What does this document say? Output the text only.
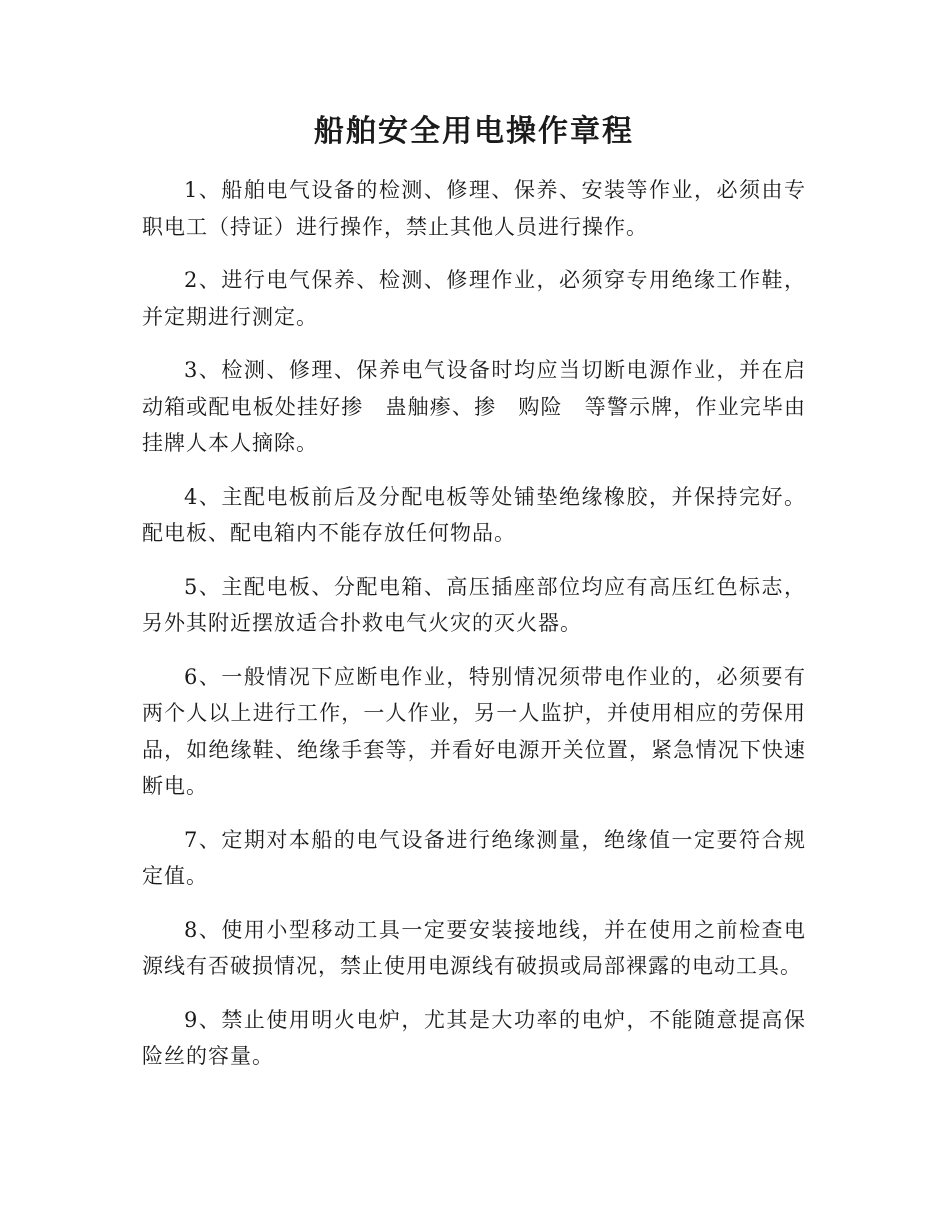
船舶安全用电操作章程

1、船舶电气设备的检测、修理、保养、安装等作业，必须由专职电工（持证）进行操作，禁止其他人员进行操作。

2、进行电气保养、检测、修理作业，必须穿专用绝缘工作鞋，并定期进行测定。

3、检测、修理、保养电气设备时均应当切断电源作业，并在启动箱或配电板处挂好掺　蛊舳瘆、掺　购险　等警示牌，作业完毕由挂牌人本人摘除。

4、主配电板前后及分配电板等处铺垫绝缘橡胶，并保持完好。配电板、配电箱内不能存放任何物品。

5、主配电板、分配电箱、高压插座部位均应有高压红色标志，另外其附近摆放适合扑救电气火灾的灭火器。

6、一般情况下应断电作业，特别情况须带电作业的，必须要有两个人以上进行工作，一人作业，另一人监护，并使用相应的劳保用品，如绝缘鞋、绝缘手套等，并看好电源开关位置，紧急情况下快速断电。

7、定期对本船的电气设备进行绝缘测量，绝缘值一定要符合规定值。

8、使用小型移动工具一定要安装接地线，并在使用之前检查电源线有否破损情况，禁止使用电源线有破损或局部裸露的电动工具。

9、禁止使用明火电炉，尤其是大功率的电炉，不能随意提高保险丝的容量。
